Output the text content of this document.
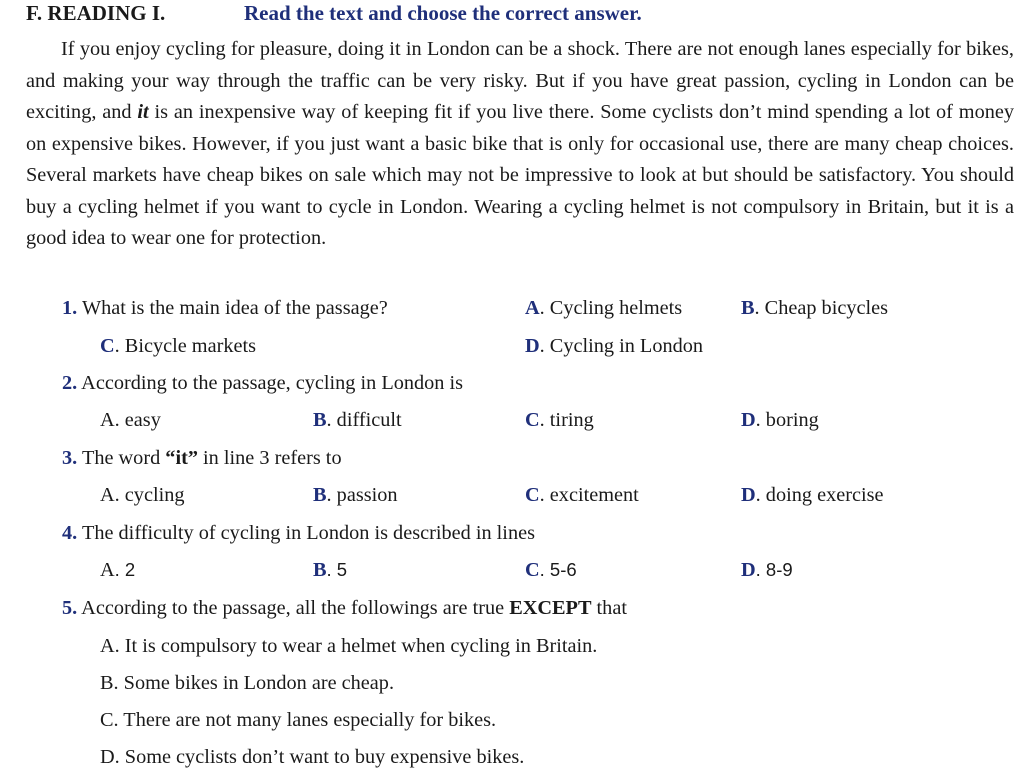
F. READING I.	Read the text and choose the correct answer.

If you enjoy cycling for pleasure, doing it in London can be a shock. There are not enough lanes especially for bikes, and making your way through the traffic can be very risky. But if you have great passion, cycling in London can be exciting, and it is an inexpensive way of keeping fit if you live there. Some cyclists don’t mind spending a lot of money on expensive bikes. However, if you just want a basic bike that is only for occasional use, there are many cheap choices. Several markets have cheap bikes on sale which may not be impressive to look at but should be satisfactory. You should buy a cycling helmet if you want to cycle in London. Wearing a cycling helmet is not compulsory in Britain, but it is a good idea to wear one for protection.

1. What is the main idea of the passage?	A. Cycling helmets	B. Cheap bicycles
C. Bicycle markets	D. Cycling in London
2. According to the passage, cycling in London is
A. easy	B. difficult	C. tiring	D. boring
3. The word “it” in line 3 refers to
A. cycling	B. passion	C. excitement	D. doing exercise
4. The difficulty of cycling in London is described in lines
A. 2	B. 5	C. 5-6	D. 8-9
5. According to the passage, all the followings are true EXCEPT that
A. It is compulsory to wear a helmet when cycling in Britain.
B. Some bikes in London are cheap.
C. There are not many lanes especially for bikes.
D. Some cyclists don’t want to buy expensive bikes.
